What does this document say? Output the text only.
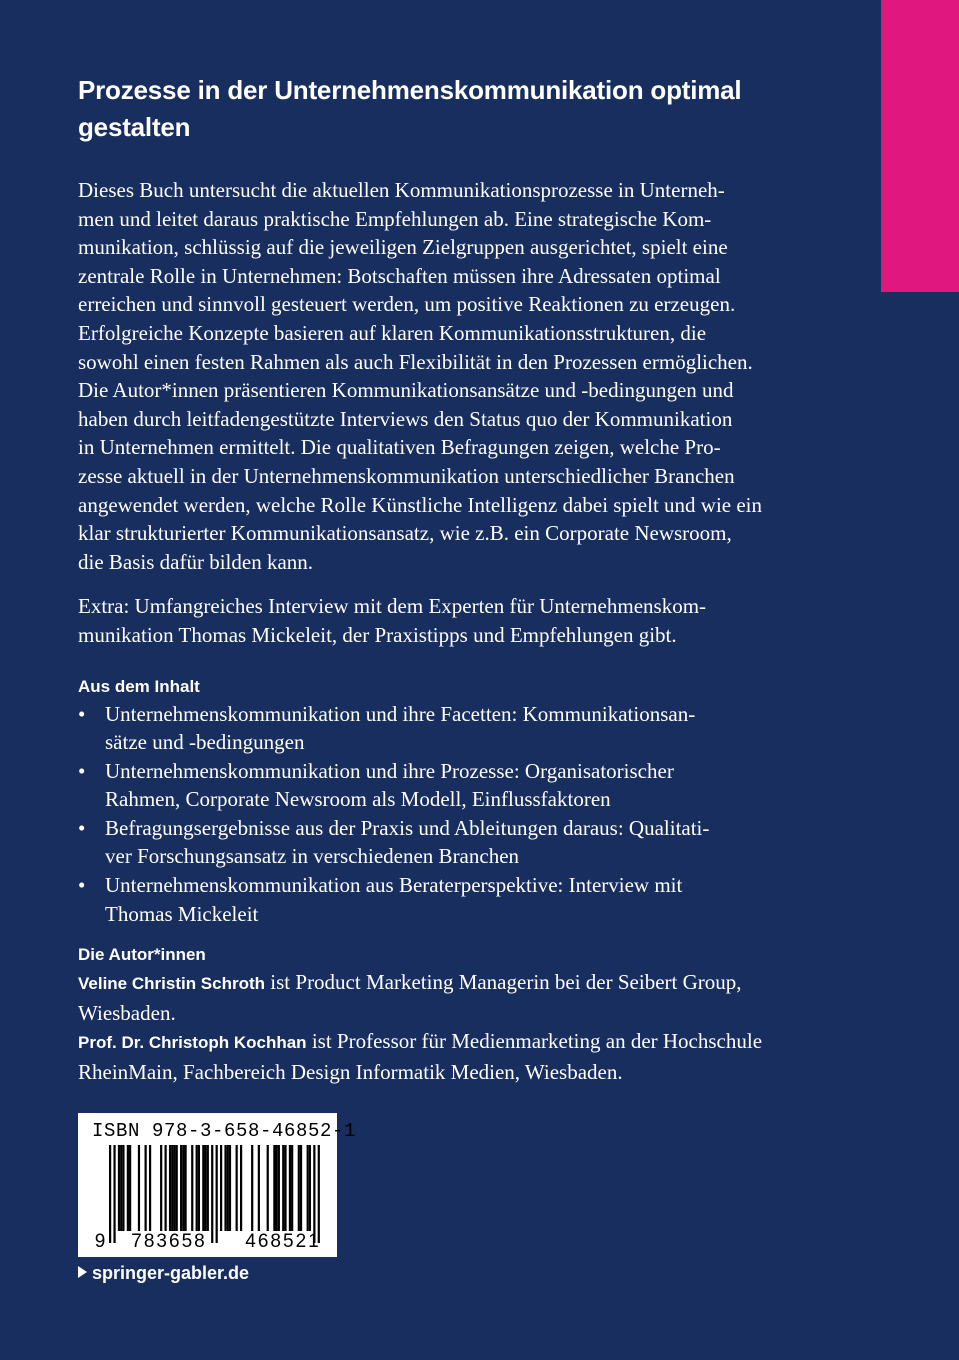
Prozesse in der Unternehmenskommunikation optimal
gestalten
Dieses Buch untersucht die aktuellen Kommunikationsprozesse in Unterneh-
men und leitet daraus praktische Empfehlungen ab. Eine strategische Kom-
munikation, schlüssig auf die jeweiligen Zielgruppen ausgerichtet, spielt eine
zentrale Rolle in Unternehmen: Botschaften müssen ihre Adressaten optimal
erreichen und sinnvoll gesteuert werden, um positive Reaktionen zu erzeugen.
Erfolgreiche Konzepte basieren auf klaren Kommunikationsstrukturen, die
sowohl einen festen Rahmen als auch Flexibilität in den Prozessen ermöglichen.
Die Autor*innen präsentieren Kommunikationsansätze und -bedingungen und
haben durch leitfadengestützte Interviews den Status quo der Kommunikation
in Unternehmen ermittelt. Die qualitativen Befragungen zeigen, welche Pro-
zesse aktuell in der Unternehmenskommunikation unterschiedlicher Branchen
angewendet werden, welche Rolle Künstliche Intelligenz dabei spielt und wie ein
klar strukturierter Kommunikationsansatz, wie z.B. ein Corporate Newsroom,
die Basis dafür bilden kann.
Extra: Umfangreiches Interview mit dem Experten für Unternehmenskom-
munikation Thomas Mickeleit, der Praxistipps und Empfehlungen gibt.
Aus dem Inhalt
• Unternehmenskommunikation und ihre Facetten: Kommunikationsan-
sätze und -bedingungen
• Unternehmenskommunikation und ihre Prozesse: Organisatorischer
Rahmen, Corporate Newsroom als Modell, Einflussfaktoren
• Befragungsergebnisse aus der Praxis und Ableitungen daraus: Qualitati-
ver Forschungsansatz in verschiedenen Branchen
• Unternehmenskommunikation aus Beraterperspektive: Interview mit
Thomas Mickeleit
Die Autor*innen
Veline Christin Schroth ist Product Marketing Managerin bei der Seibert Group,
Wiesbaden.
Prof. Dr. Christoph Kochhan ist Professor für Medienmarketing an der Hochschule
RheinMain, Fachbereich Design Informatik Medien, Wiesbaden.
ISBN 978-3-658-46852-1
9 783658 468521
springer-gabler.de
